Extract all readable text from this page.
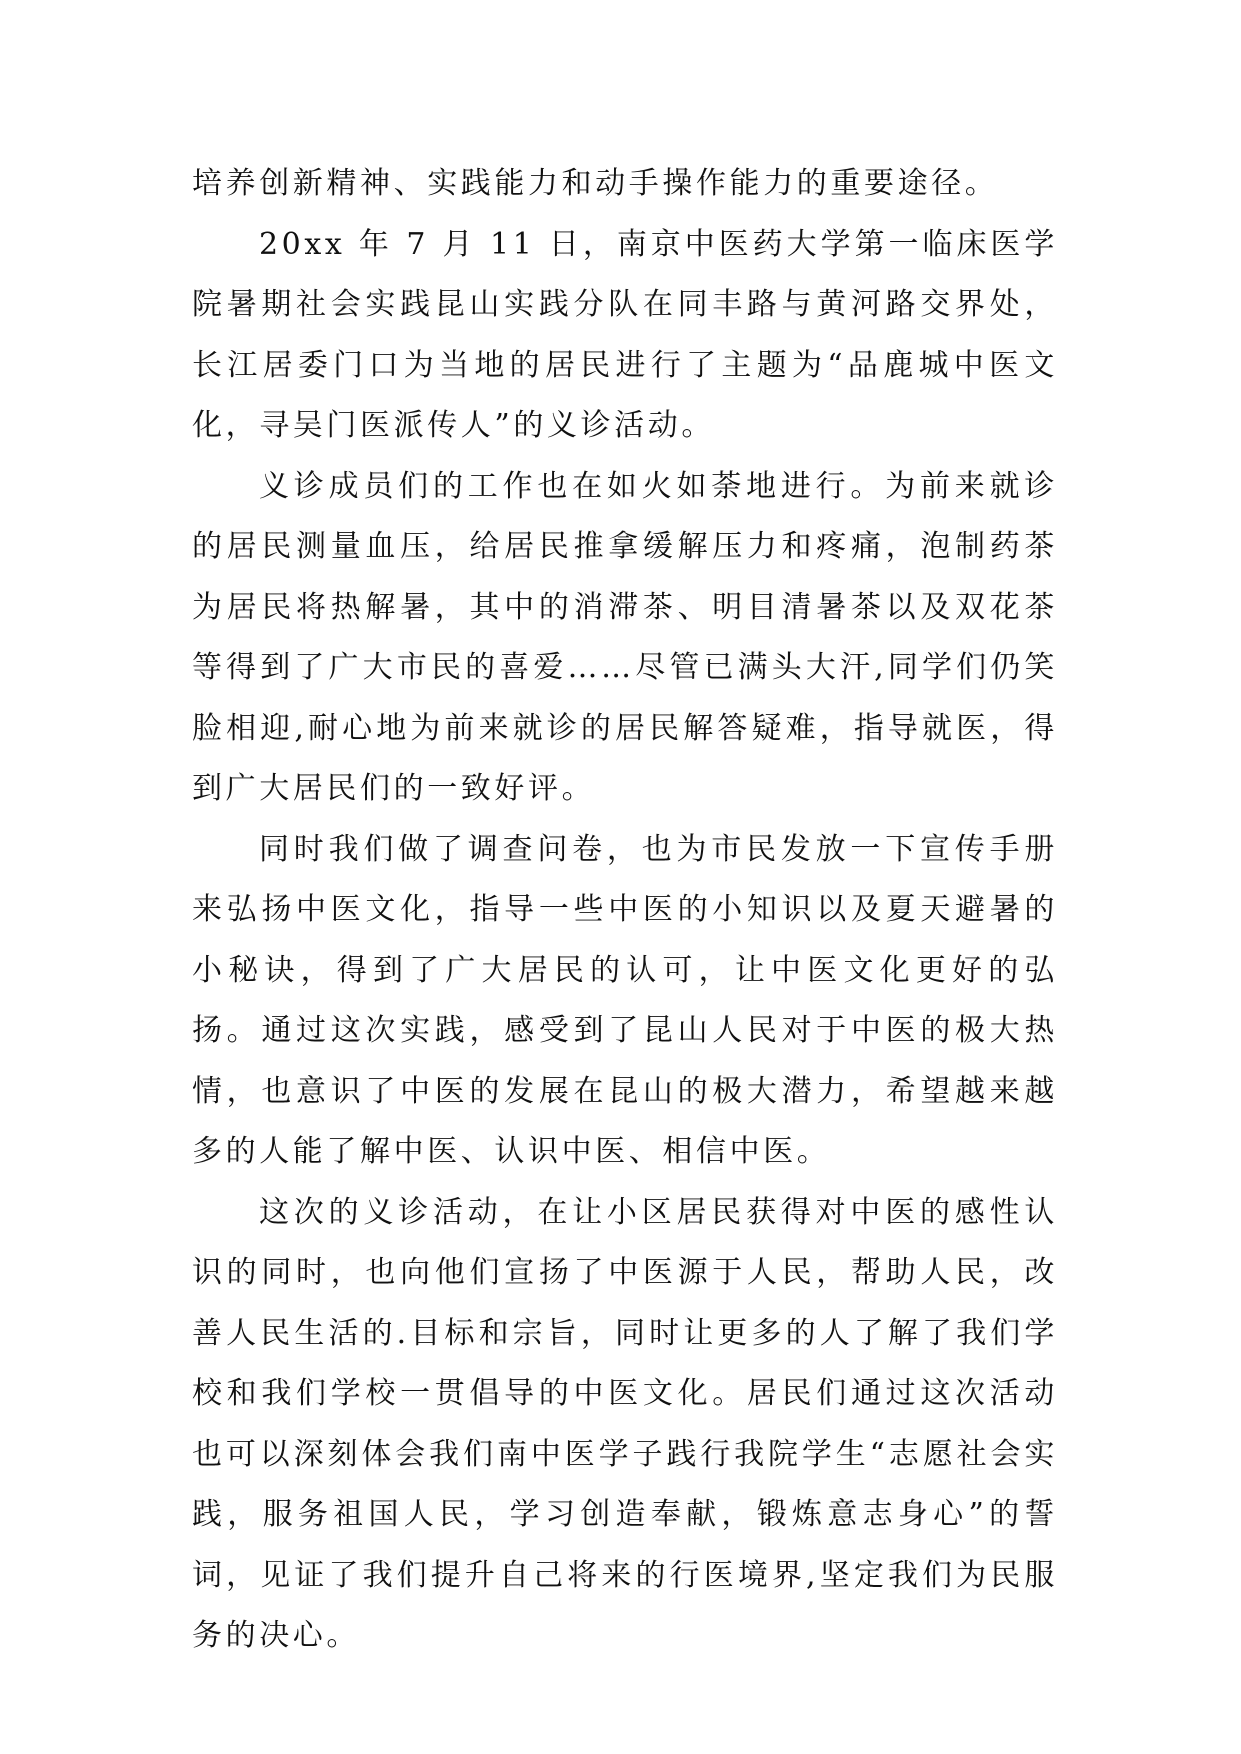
培养创新精神、实践能力和动手操作能力的重要途径。

20xx 年 7 月 11 日，南京中医药大学第一临床医学院暑期社会实践昆山实践分队在同丰路与黄河路交界处，长江居委门口为当地的居民进行了主题为“品鹿城中医文化，寻吴门医派传人”的义诊活动。

义诊成员们的工作也在如火如荼地进行。为前来就诊的居民测量血压，给居民推拿缓解压力和疼痛，泡制药茶为居民将热解暑，其中的消滞茶、明目清暑茶以及双花茶等得到了广大市民的喜爱……尽管已满头大汗,同学们仍笑脸相迎,耐心地为前来就诊的居民解答疑难，指导就医，得到广大居民们的一致好评。

同时我们做了调查问卷，也为市民发放一下宣传手册来弘扬中医文化，指导一些中医的小知识以及夏天避暑的小秘诀，得到了广大居民的认可，让中医文化更好的弘扬。通过这次实践，感受到了昆山人民对于中医的极大热情，也意识了中医的发展在昆山的极大潜力，希望越来越多的人能了解中医、认识中医、相信中医。

这次的义诊活动，在让小区居民获得对中医的感性认识的同时，也向他们宣扬了中医源于人民，帮助人民，改善人民生活的.目标和宗旨，同时让更多的人了解了我们学校和我们学校一贯倡导的中医文化。居民们通过这次活动也可以深刻体会我们南中医学子践行我院学生“志愿社会实践，服务祖国人民，学习创造奉献，锻炼意志身心”的誓词，见证了我们提升自己将来的行医境界,坚定我们为民服务的决心。
